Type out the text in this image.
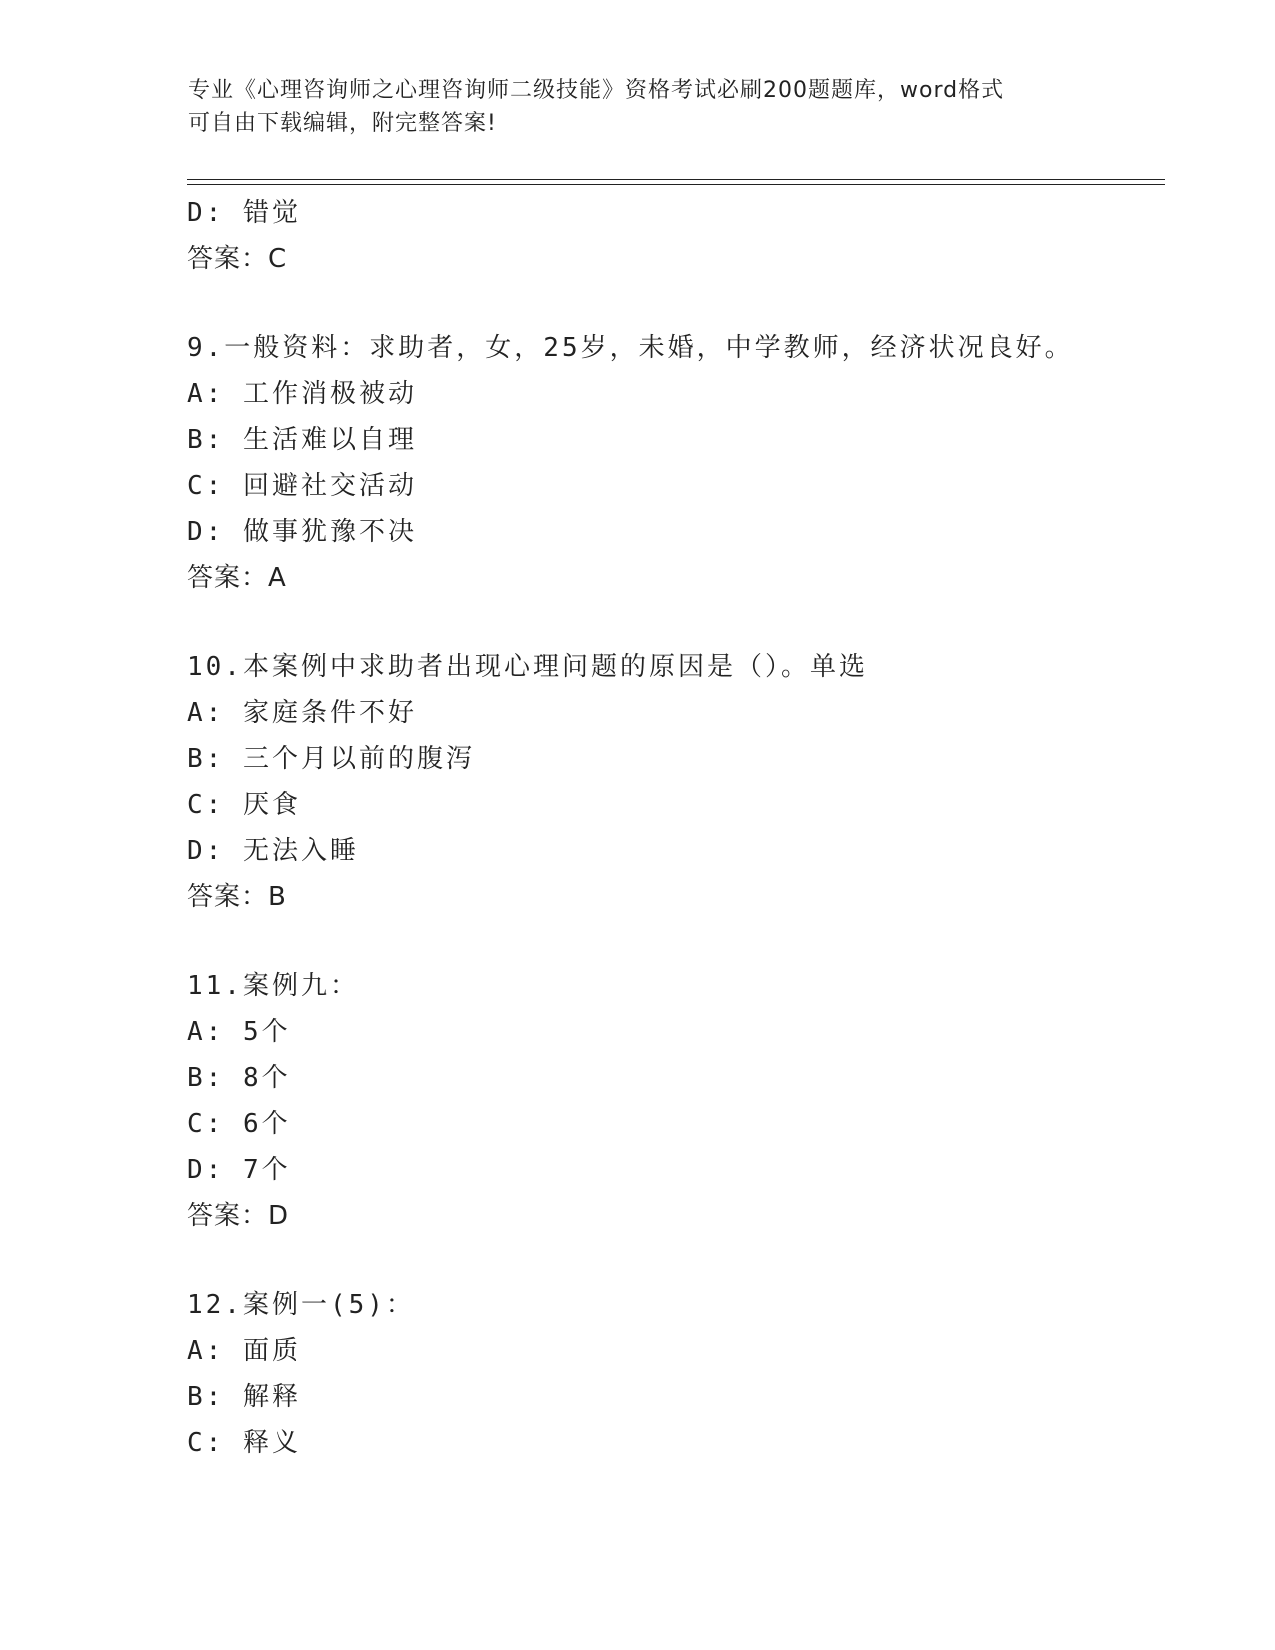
专业《心理咨询师之心理咨询师二级技能》资格考试必刷200题题库，word格式
可自由下载编辑，附完整答案!
D: 错觉
答案：C
9.一般资料：求助者，女，25岁，未婚，中学教师，经济状况良好。
A: 工作消极被动
B: 生活难以自理
C: 回避社交活动
D: 做事犹豫不决
答案：A
10.本案例中求助者出现心理问题的原因是（）。单选
A: 家庭条件不好
B: 三个月以前的腹泻
C: 厌食
D: 无法入睡
答案：B
11.案例九：
A: 5个
B: 8个
C: 6个
D: 7个
答案：D
12.案例一(5)：
A: 面质
B: 解释
C: 释义
